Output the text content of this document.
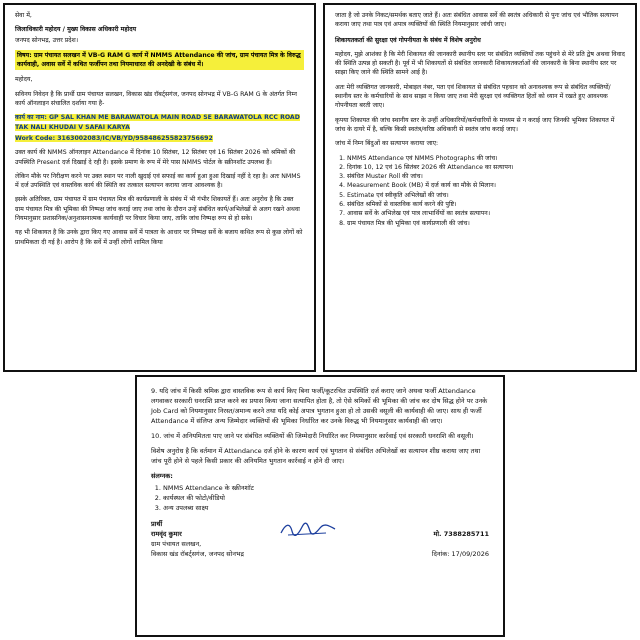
सेवा में,

जिलाधिकारी महोदय / मुख्य विकास अधिकारी महोदय

जनपद सोनभद्र, उत्तर प्रदेश।

विषय: ग्राम पंचायत सलखन में VB-G RAM G कार्य में NMMS Attendance की जांच, ग्राम पंचायत मित्र के विरुद्ध कार्यवाही, अवास सर्वे में कथित फर्जीपन तथा नियमाधारत की अनदेखी के संबंध में।

महोदय,

सविनय निवेदन है कि प्रार्थी ग्राम पंचायत सलखन, विकास खंड रॉबर्ट्सगंज, जनपद सोनभद्र में VB-G RAM G के अंतर्गत निम्न कार्य ऑनलाइन संचालित दर्शाया गया है-

कार्य का नाम: GP SAL KHAN ME BARAWATOLA MAIN ROAD SE BARAWATOLA RCC ROAD TAK NALI KHUDAI V SAFAI KARYA

Work Code: 3163002083/IC/VB/YD/958486255823756692

उक्त कार्य की NMMS ऑनलाइन Attendance में दिनांक 10 सितंबर, 12 सितंबर एवं 16 सितंबर 2026 को श्रमिकों की उपस्थिति Present दर्ज दिखाई दे रही है। इसके प्रमाण के रूप में मेरे पास NMMS पोर्टल के स्क्रीनशॉट उपलब्ध हैं।

लेकिन मौके पर निरीक्षण करने पर उक्त स्थान पर नाली खुदाई एवं सफाई का कार्य हुआ हुआ दिखाई नहीं दे रहा है। अतः NMMS में दर्ज उपस्थिति एवं वास्तविक कार्य की स्थिति का तत्काल सत्यापन कराया जाना आवश्यक है।

इसके अतिरिक्त, ग्राम पंचायत में ग्राम पंचायत मित्र की कार्यप्रणाली के संबंध में भी गंभीर शिकायतें हैं। अतः अनुरोध है कि उक्त ग्राम पंचायत मित्र की भूमिका की निष्पक्ष जांच कराई जाए तथा जांच के दौरान उन्हें संबंधित कार्य/अभिलेखों से अलग रखने अथवा नियमानुसार प्रशासनिक/अनुशासनात्मक कार्यवाही पर विचार किया जाए, ताकि जांच निष्पक्ष रूप से हो सके।

यह भी शिकायत है कि उनके द्वारा किए गए आवास सर्वे में पात्रता के आधार पर निष्पक्ष सर्वे के बजाय कथित रूप से कुछ लोगों को प्राथमिकता दी गई है। आरोप है कि सर्वे में उन्हीं लोगों शामिल किया

जाता है जो उनके निकट/समर्थक बताए जाते हैं। अतः संबंधित आवास सर्वे की स्वतंत्र अधिकारी से पुनः जांच एवं भौतिक सत्यापन कराया जाए तथा पात्र एवं अपात्र व्यक्तियों की स्थिति नियमानुसार जांची जाए।

शिकायतकर्ता की सुरक्षा एवं गोपनीयता के संबंध में विशेष अनुरोध

महोदय, मुझे आशंका है कि मेरी शिकायत की जानकारी स्थानीय स्तर पर संबंधित व्यक्तियों तक पहुंचने से मेरे प्रति द्वेष अथवा विवाद की स्थिति उत्पन्न हो सकती है। पूर्व में भी शिकायतों से संबंधित जानकारी शिकायतकर्ताओं की जानकारी के बिना स्थानीय स्तर पर साझा किए जाने की स्थिति सामने आई है।

अतः मेरी व्यक्तिगत जानकारी, मोबाइल नंबर, पता एवं शिकायत से संबंधित पहचान को अनावश्यक रूप से संबंधित व्यक्तियों/स्थानीय स्तर के कर्मचारियों के साथ साझा न किया जाए तथा मेरी सुरक्षा एवं व्यक्तिगत हितों को ध्यान में रखते हुए आवश्यक गोपनीयता बरती जाए।

कृपया शिकायत की जांच स्थानीय स्तर के उन्हीं अधिकारियों/कर्मचारियों के माध्यम से न कराई जाए जिनकी भूमिका शिकायत में जांच के दायरे में है, बल्कि किसी स्वतंत्र/वरिष्ठ अधिकारी से स्वतंत्र जांच कराई जाए।

जांच में निम्न बिंदुओं का सत्यापन कराया जाए:

1. NMMS Attendance एवं NMMS Photographs की जांच।
2. दिनांक 10, 12 एवं 16 सितंबर 2026 की Attendance का सत्यापन।
3. संबंधित Muster Roll की जांच।
4. Measurement Book (MB) में दर्ज कार्य का मौके से मिलान।
5. Estimate एवं स्वीकृति अभिलेखों की जांच।
6. संबंधित श्रमिकों से वास्तविक कार्य करने की पुष्टि।
7. आवास सर्वे के अभिलेख एवं पात्र लाभार्थियों का स्वतंत्र सत्यापन।
8. ग्राम पंचायत मित्र की भूमिका एवं कार्यप्रणाली की जांच।

9. यदि जांच में किसी श्रमिक द्वारा वास्तविक रूप से कार्य किए बिना फर्जी/कूटरचित उपस्थिति दर्ज कराए जाने अथवा फर्जी Attendance लगवाकर सरकारी धनराशि प्राप्त करने का प्रयास किया जाना सत्यापित होता है, तो ऐसे श्रमिकों की भूमिका की जांच कर दोष सिद्ध होने पर उनके Job Card को नियमानुसार निरस्त/अमान्य करने तथा यदि कोई अपात्र भुगतान हुआ हो तो उसकी वसूली की कार्यवाही की जाए। साथ ही फर्जी Attendance में संलिप्त अन्य जिम्मेदार व्यक्तियों की भूमिका निर्धारित कर उनके विरुद्ध भी नियमानुसार कार्यवाही की जाए।

10. जांच में अनियमितता पाए जाने पर संबंधित व्यक्तियों की जिम्मेदारी निर्धारित कर नियमानुसार कार्रवाई एवं सरकारी धनराशि की वसूली।

विशेष अनुरोध है कि वर्तमान में Attendance दर्ज होने के कारण कार्य एवं भुगतान से संबंधित अभिलेखों का सत्यापन शीघ्र कराया जाए तथा जांच पूरी होने से पहले किसी प्रकार की अनियमित भुगतान कार्रवाई न होने दी जाए।

संलग्नक:

1. NMMS Attendance के स्क्रीनशॉट
2. कार्यस्थल की फोटो/वीडियो
3. अन्य उपलब्ध साक्ष्य
प्रार्थी
रामवृंद कुमार	मो. 7388285711
ग्राम पंचायत सलखन,
विकास खंड रॉबर्ट्सगंज, जनपद सोनभद्र	दिनांक: 17/09/2026
